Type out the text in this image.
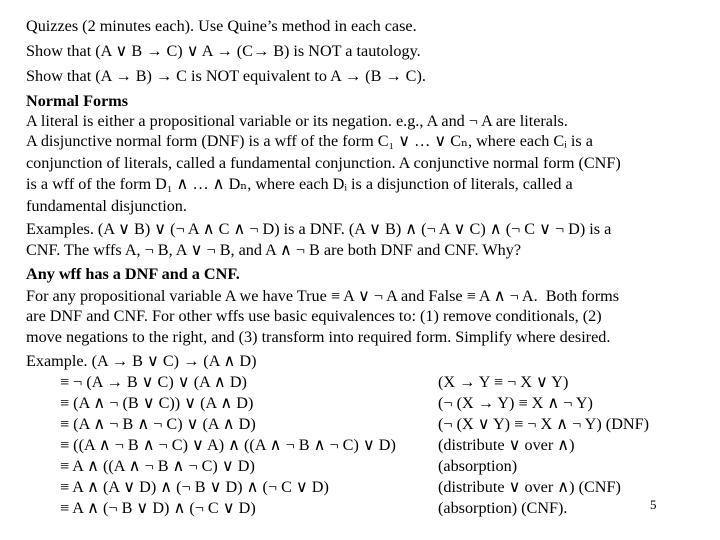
Quizzes (2 minutes each). Use Quine’s method in each case.
Show that (A ∨ B → C) ∨ A → (C→ B) is NOT a tautology.
Show that (A → B) → C is NOT equivalent to A → (B → C).
Normal Forms
A literal is either a propositional variable or its negation. e.g., A and ¬ A are literals.
A disjunctive normal form (DNF) is a wff of the form C₁ ∨ … ∨ Cₙ, where each Cᵢ is a
conjunction of literals, called a fundamental conjunction. A conjunctive normal form (CNF)
is a wff of the form D₁ ∧ … ∧ Dₙ, where each Dᵢ is a disjunction of literals, called a
fundamental disjunction.
Examples. (A ∨ B) ∨ (¬ A ∧ C ∧ ¬ D) is a DNF. (A ∨ B) ∧ (¬ A ∨ C) ∧ (¬ C ∨ ¬ D) is a
CNF. The wffs A, ¬ B, A ∨ ¬ B, and A ∧ ¬ B are both DNF and CNF. Why?
Any wff has a DNF and a CNF.
For any propositional variable A we have True ≡ A ∨ ¬ A and False ≡ A ∧ ¬ A.  Both forms
are DNF and CNF. For other wffs use basic equivalences to: (1) remove conditionals, (2)
move negations to the right, and (3) transform into required form. Simplify where desired.
Example. (A → B ∨ C) → (A ∧ D)
≡ ¬ (A → B ∨ C) ∨ (A ∧ D)
≡ (A ∧ ¬ (B ∨ C)) ∨ (A ∧ D)
≡ (A ∧ ¬ B ∧ ¬ C) ∨ (A ∧ D)
≡ ((A ∧ ¬ B ∧ ¬ C) ∨ A) ∧ ((A ∧ ¬ B ∧ ¬ C) ∨ D)
≡ A ∧ ((A ∧ ¬ B ∧ ¬ C) ∨ D)
≡ A ∧ (A ∨ D) ∧ (¬ B ∨ D) ∧ (¬ C ∨ D)
≡ A ∧ (¬ B ∨ D) ∧ (¬ C ∨ D)
(X → Y ≡ ¬ X ∨ Y)
(¬ (X → Y) ≡ X ∧ ¬ Y)
(¬ (X ∨ Y) ≡ ¬ X ∧ ¬ Y) (DNF)
(distribute ∨ over ∧)
(absorption)
(distribute ∨ over ∧) (CNF)
(absorption) (CNF).	5
